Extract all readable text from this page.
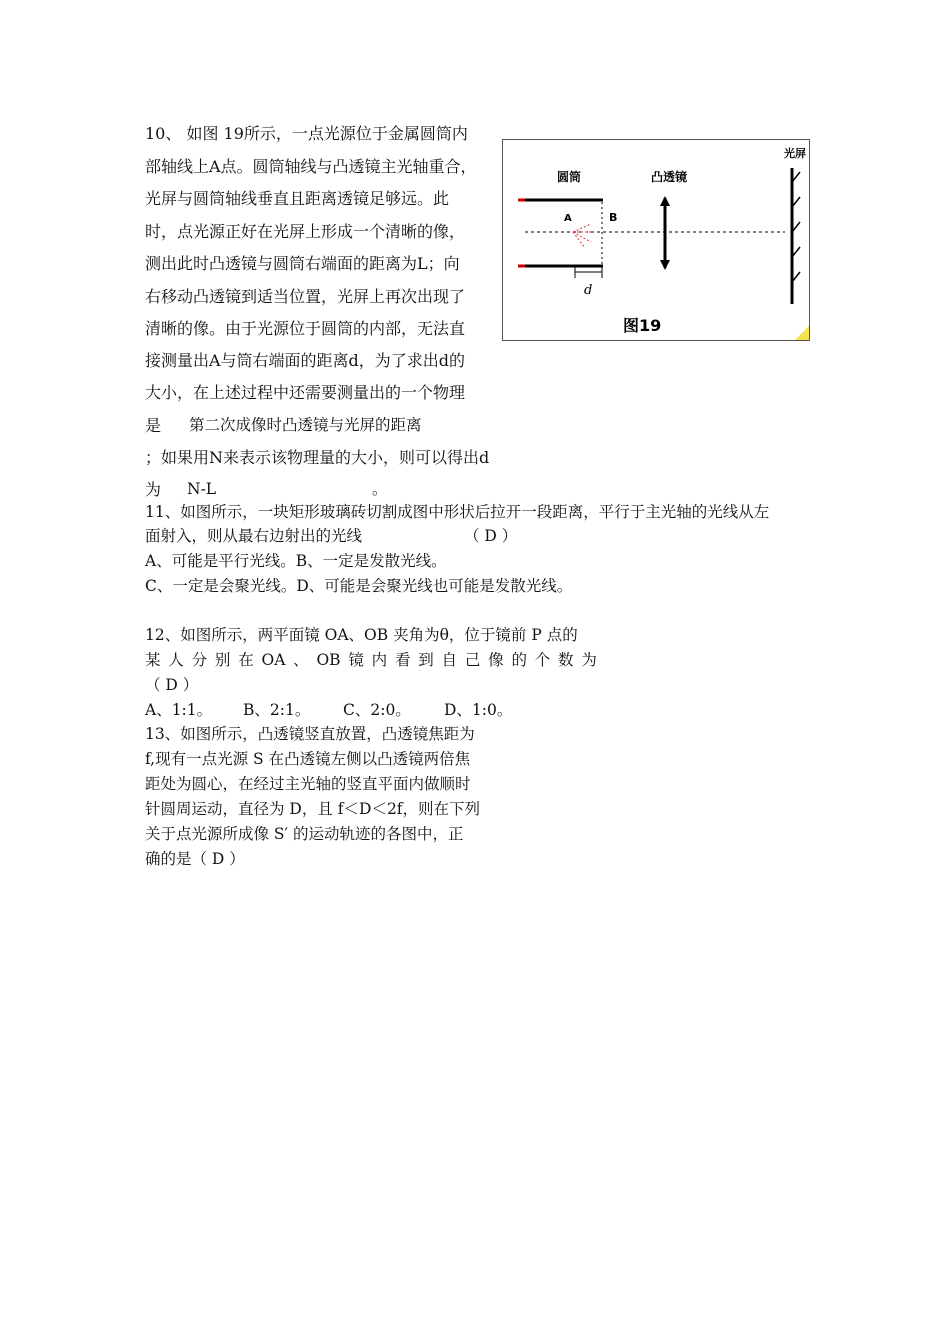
10、 如图 19所示，一点光源位于金属圆筒内
部轴线上A点。圆筒轴线与凸透镜主光轴重合，
光屏与圆筒轴线垂直且距离透镜足够远。此
时，点光源正好在光屏上形成一个清晰的像，
测出此时凸透镜与圆筒右端面的距离为L；向
右移动凸透镜到适当位置，光屏上再次出现了
清晰的像。由于光源位于圆筒的内部，无法直
接测量出A与筒右端面的距离d，为了求出d的
大小，在上述过程中还需要测量出的一个物理
是 第二次成像时凸透镜与光屏的距离
；如果用N来表示该物理量的大小，则可以得出d
为 N-L	。
圆筒	凸透镜
光屏
A	B
d
图19
11、如图所示，一块矩形玻璃砖切割成图中形状后拉开一段距离，平行于主光轴的光线从左
面射入，则从最右边射出的光线	（ D ）
A、可能是平行光线。B、一定是发散光线。
C、一定是会聚光线。D、可能是会聚光线也可能是发散光线。
12、如图所示，两平面镜 OA、OB 夹角为θ，位于镜前 P 点的
某 人 分 别 在 OA 、 OB 镜 内 看 到 自 己 像 的 个 数 为
（ D ）
A、1:1。 B、2:1。 C、2:0。 D、1:0。
13、如图所示，凸透镜竖直放置，凸透镜焦距为
f,现有一点光源 S 在凸透镜左侧以凸透镜两倍焦
距处为圆心，在经过主光轴的竖直平面内做顺时
针圆周运动，直径为 D，且 f＜D＜2f，则在下列
关于点光源所成像 S′ 的运动轨迹的各图中，正
确的是（ D ）
